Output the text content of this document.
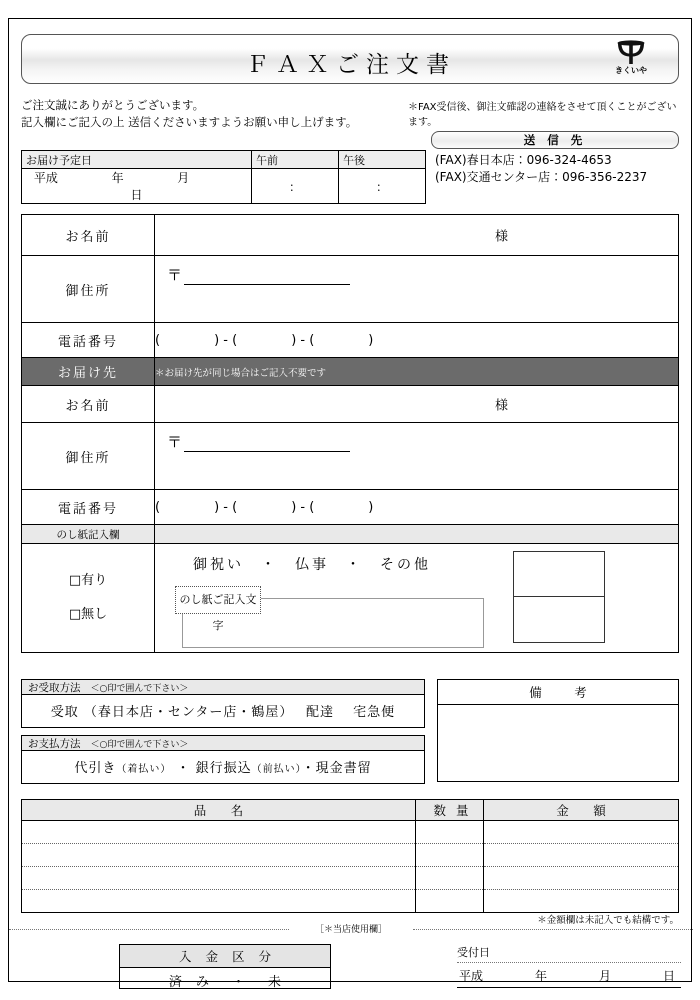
ＦＡＸご注文書	きくいや
ご注文誠にありがとうございます。
記入欄にご記入の上 送信くださいますようお願い申し上げます。
＊FAX受信後、御注文確認の連絡をさせて頂くことがございます。
送 信 先
(FAX)春日本店：096-324-4653
(FAX)交通センター店：096-356-2237
お届け予定日	午前	午後
平成 年 月  日	：	：
お名前	様

御住所	〒

電話番号	( ) - ( ) - ( )
お届け先	＊お届け先が同じ場合はご記入不要です
お名前	様

御住所	〒

電話番号	( ) - ( ) - ( )
のし紙記入欄	

□有り
□無し

御祝い　・　仏事　・　その他
のし紙ご記入文字
お受取方法 ＜○印で囲んで下さい＞
受取 （春日本店・センター店・鶴屋）　 配達　 宅急便
お支払方法 ＜○印で囲んで下さい＞
代引き（着払い） ・ 銀行振込（前払い）・現金書留
備　考
品　名	数 量	金　額

＊金額欄は未記入でも結構です。
［＊当店使用欄］
入 金 区 分
済 み　・　未
受付日
平成	年	月	日
